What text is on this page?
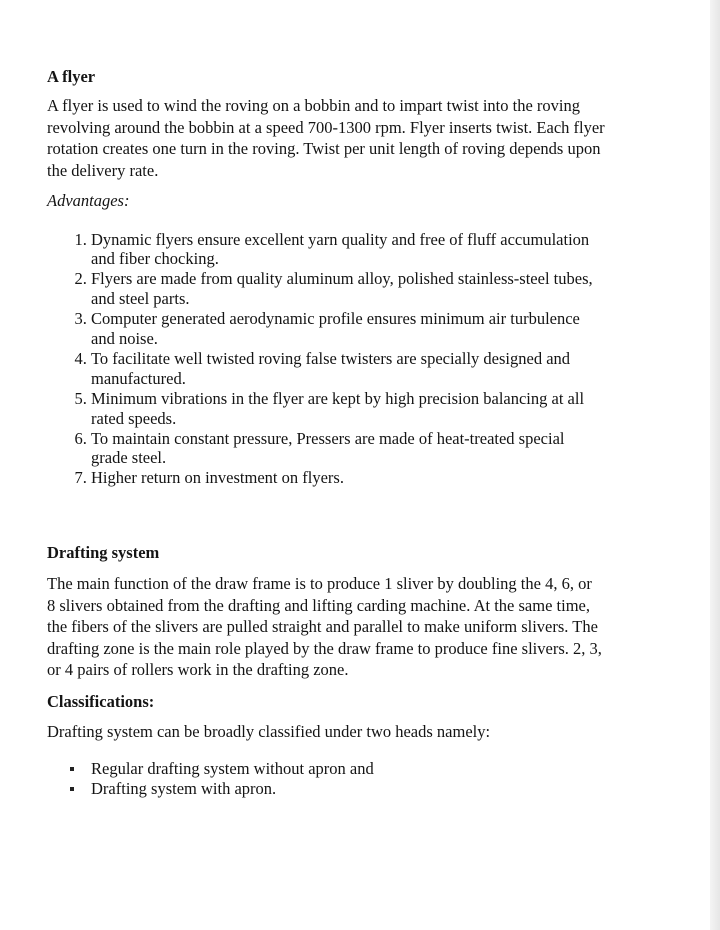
A flyer
A flyer is used to wind the roving on a bobbin and to impart twist into the roving
revolving around the bobbin at a speed 700-1300 rpm. Flyer inserts twist. Each flyer
rotation creates one turn in the roving. Twist per unit length of roving depends upon
the delivery rate.
Advantages:
1. Dynamic flyers ensure excellent yarn quality and free of fluff accumulation
and fiber chocking.
2. Flyers are made from quality aluminum alloy, polished stainless-steel tubes,
and steel parts.
3. Computer generated aerodynamic profile ensures minimum air turbulence
and noise.
4. To facilitate well twisted roving false twisters are specially designed and
manufactured.
5. Minimum vibrations in the flyer are kept by high precision balancing at all
rated speeds.
6. To maintain constant pressure, Pressers are made of heat-treated special
grade steel.
7. Higher return on investment on flyers.
Drafting system
The main function of the draw frame is to produce 1 sliver by doubling the 4, 6, or
8 slivers obtained from the drafting and lifting carding machine. At the same time,
the fibers of the slivers are pulled straight and parallel to make uniform slivers. The
drafting zone is the main role played by the draw frame to produce fine slivers. 2, 3,
or 4 pairs of rollers work in the drafting zone.
Classifications:
Drafting system can be broadly classified under two heads namely:
Regular drafting system without apron and
Drafting system with apron.
